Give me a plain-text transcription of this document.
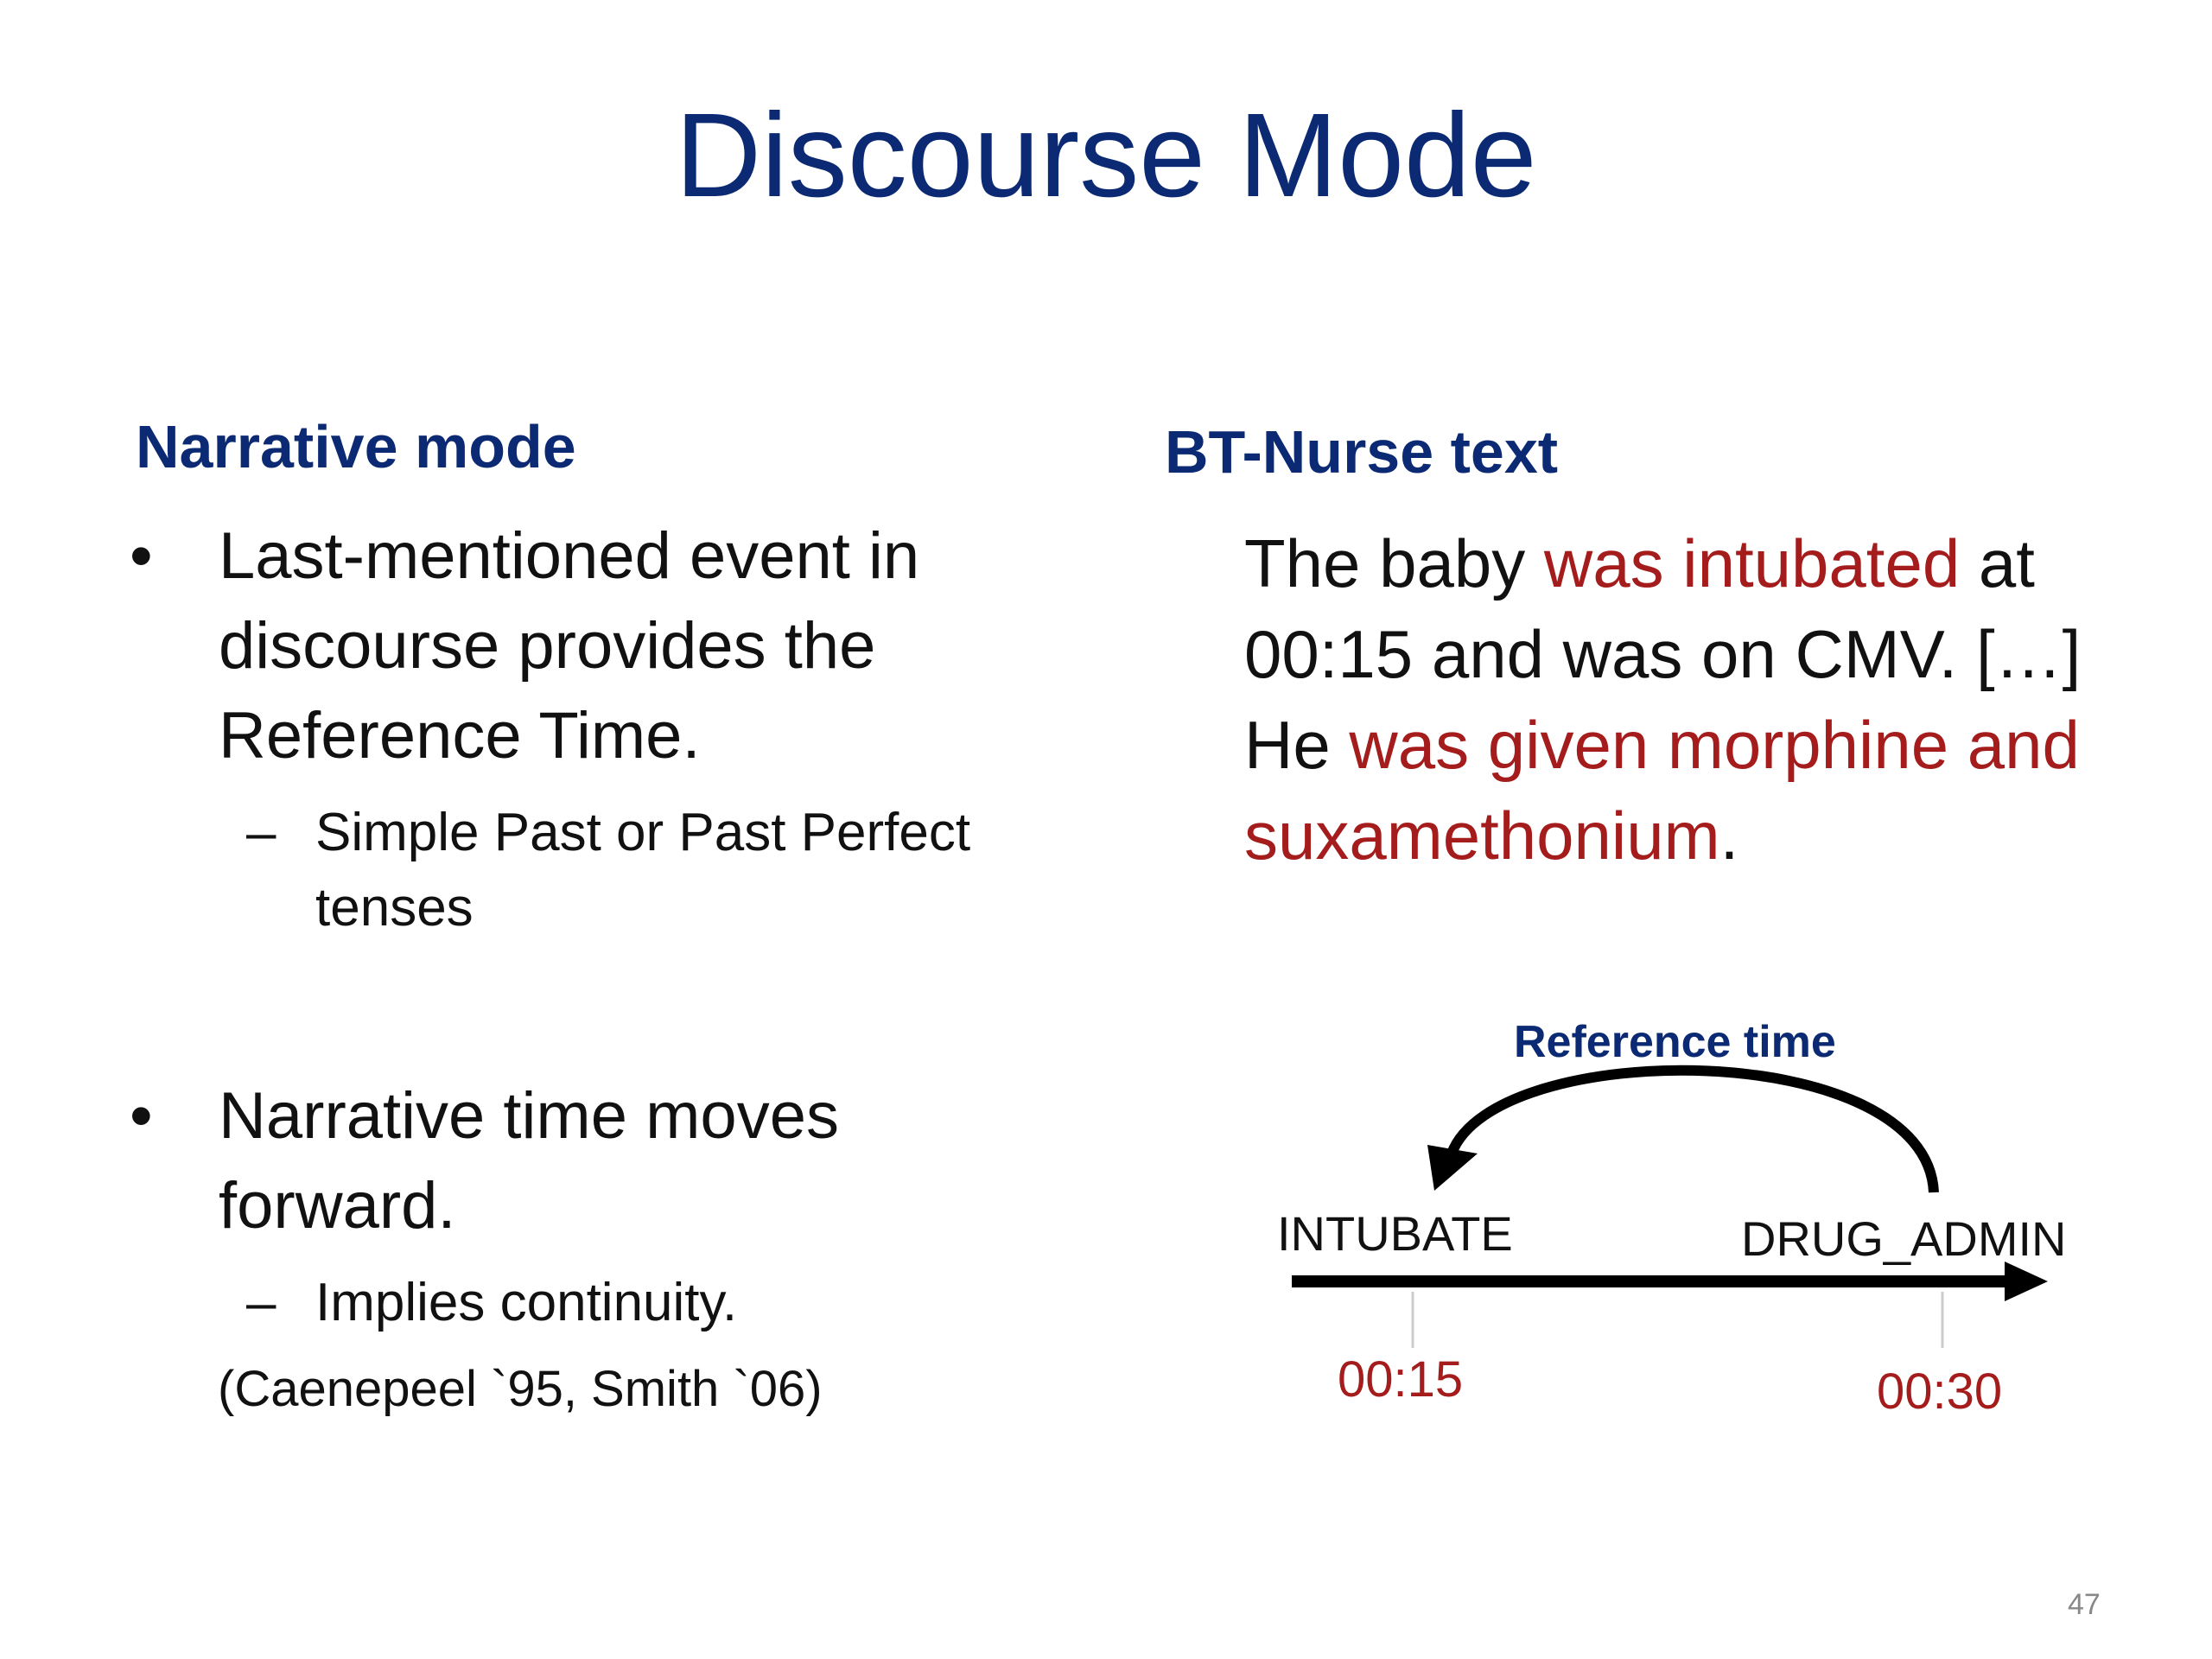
Discourse Mode
Narrative mode
• Last-mentioned event in discourse provides the Reference Time.
– Simple Past or Past Perfect tenses
• Narrative time moves forward.
– Implies continuity.
(Caenepeel `95, Smith `06)
BT-Nurse text
The baby was intubated at 00:15 and was on CMV. […] He was given morphine and suxamethonium.
Reference time
INTUBATE	DRUG_ADMIN
00:15	00:30
47
